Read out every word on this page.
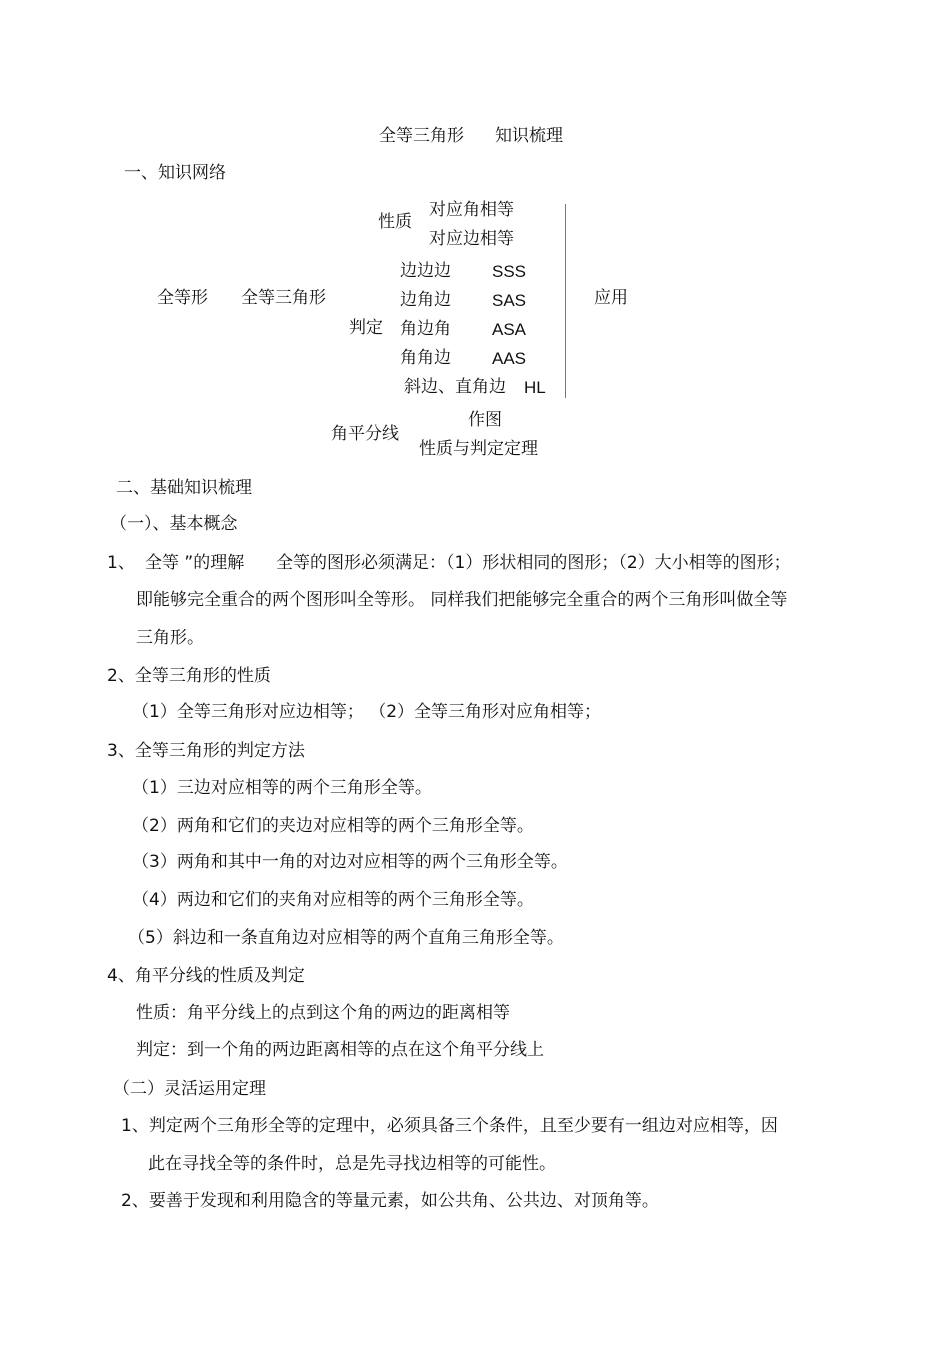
全等三角形 知识梳理
一、知识网络
性质
对应角相等
对应边相等
全等形 全等三角形
判定
边边边 SSS
边角边 SAS
角边角 ASA
角角边 AAS
斜边、直角边 HL
应用
角平分线
作图
性质与判定定理
二、基础知识梳理
（一）、基本概念
1、 全等 ”的理解 全等的图形必须满足：（1）形状相同的图形；（2）大小相等的图形；
即能够完全重合的两个图形叫全等形。 同样我们把能够完全重合的两个三角形叫做全等
三角形。
2、全等三角形的性质
（1）全等三角形对应边相等； （2）全等三角形对应角相等；
3、全等三角形的判定方法
（1）三边对应相等的两个三角形全等。
（2）两角和它们的夹边对应相等的两个三角形全等。
（3）两角和其中一角的对边对应相等的两个三角形全等。
（4）两边和它们的夹角对应相等的两个三角形全等。
（5）斜边和一条直角边对应相等的两个直角三角形全等。
4、角平分线的性质及判定
性质：角平分线上的点到这个角的两边的距离相等
判定：到一个角的两边距离相等的点在这个角平分线上
（二）灵活运用定理
1、判定两个三角形全等的定理中，必须具备三个条件，且至少要有一组边对应相等，因
此在寻找全等的条件时，总是先寻找边相等的可能性。
2、要善于发现和利用隐含的等量元素，如公共角、公共边、对顶角等。
